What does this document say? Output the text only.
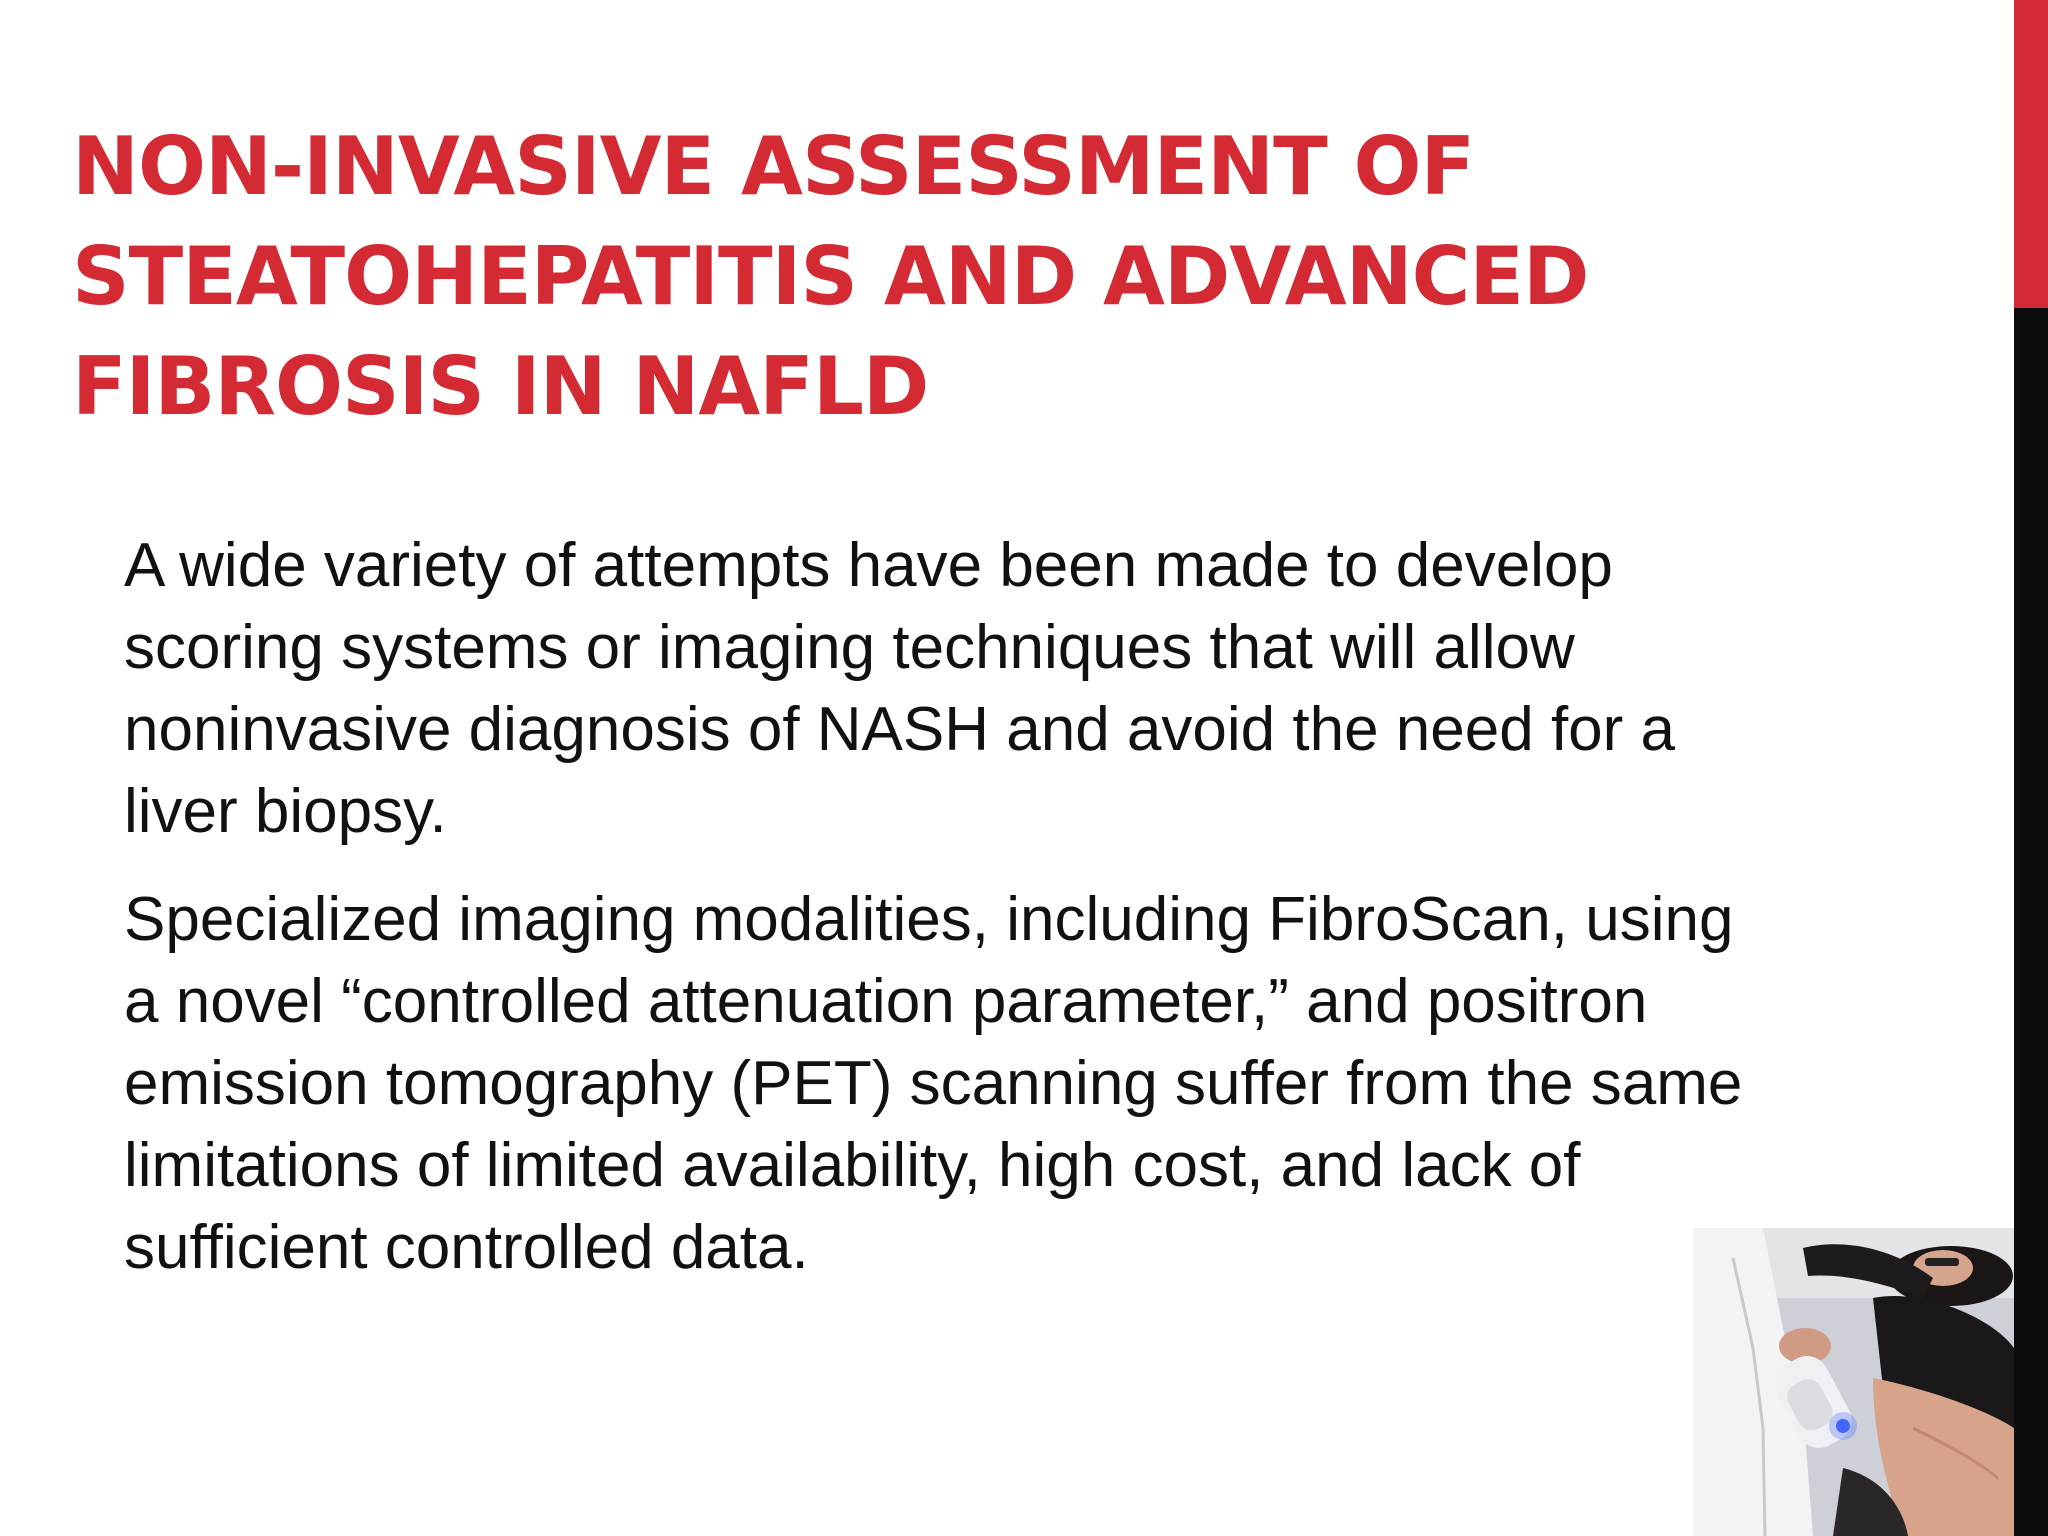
NON-INVASIVE ASSESSMENT OF
STEATOHEPATITIS AND ADVANCED
FIBROSIS IN NAFLD

A wide variety of attempts have been made to develop
scoring systems or imaging techniques that will allow
noninvasive diagnosis of NASH and avoid the need for a
liver biopsy.

Specialized imaging modalities, including FibroScan, using
a novel “controlled attenuation parameter,” and positron
emission tomography (PET) scanning suffer from the same
limitations of limited availability, high cost, and lack of
sufficient controlled data.
